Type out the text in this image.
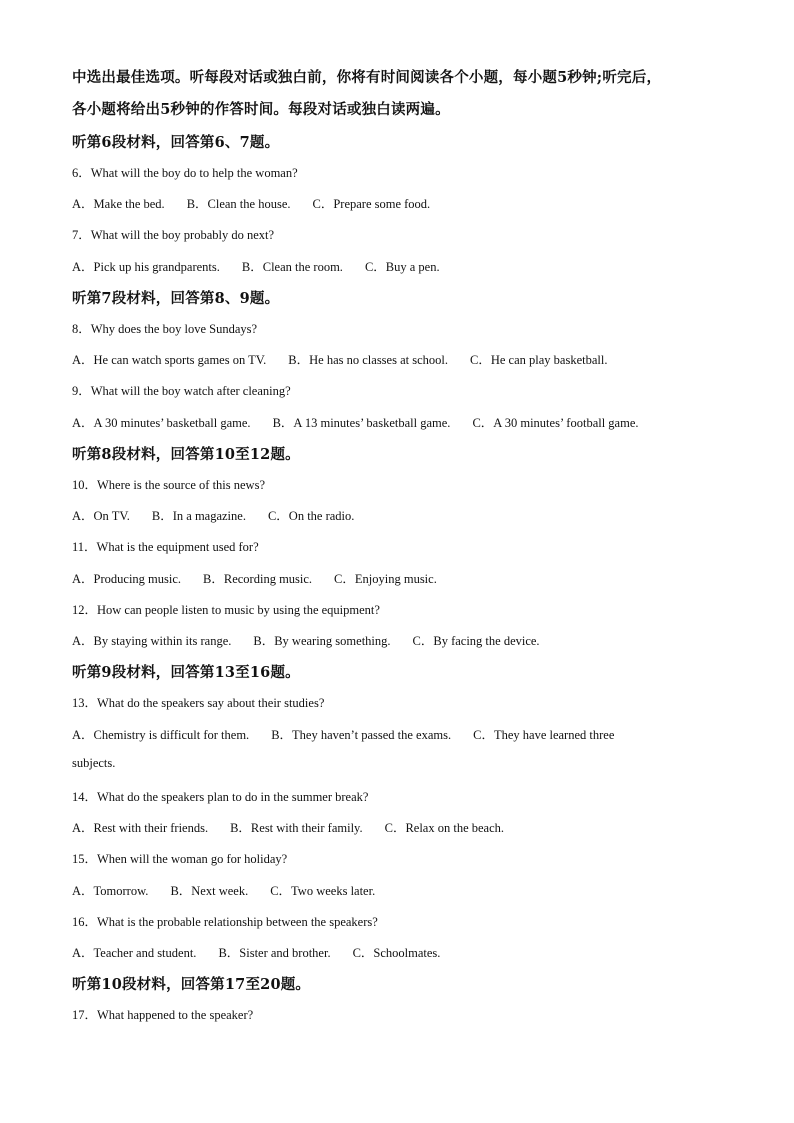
中选出最佳选项。听每段对话或独白前，你将有时间阅读各个小题，每小题5秒钟;听完后，
各小题将给出5秒钟的作答时间。每段对话或独白读两遍。
听第6段材料，回答第6、7题。
6．What will the boy do to help the woman?
A．Make the bed. B．Clean the house. C．Prepare some food.
7．What will the boy probably do next?
A．Pick up his grandparents. B．Clean the room. C．Buy a pen.
听第7段材料，回答第8、9题。
8．Why does the boy love Sundays?
A．He can watch sports games on TV. B．He has no classes at school. C．He can play basketball.
9．What will the boy watch after cleaning?
A．A 30 minutes’ basketball game. B．A 13 minutes’ basketball game. C．A 30 minutes’ football game.
听第8段材料，回答第10至12题。
10．Where is the source of this news?
A．On TV. B．In a magazine. C．On the radio.
11．What is the equipment used for?
A．Producing music. B．Recording music. C．Enjoying music.
12．How can people listen to music by using the equipment?
A．By staying within its range. B．By wearing something. C．By facing the device.
听第9段材料，回答第13至16题。
13．What do the speakers say about their studies?
A．Chemistry is difficult for them. B．They haven’t passed the exams. C．They have learned three
subjects.
14．What do the speakers plan to do in the summer break?
A．Rest with their friends. B．Rest with their family. C．Relax on the beach.
15．When will the woman go for holiday?
A．Tomorrow. B．Next week. C．Two weeks later.
16．What is the probable relationship between the speakers?
A．Teacher and student. B．Sister and brother. C．Schoolmates.
听第10段材料，回答第17至20题。
17．What happened to the speaker?
